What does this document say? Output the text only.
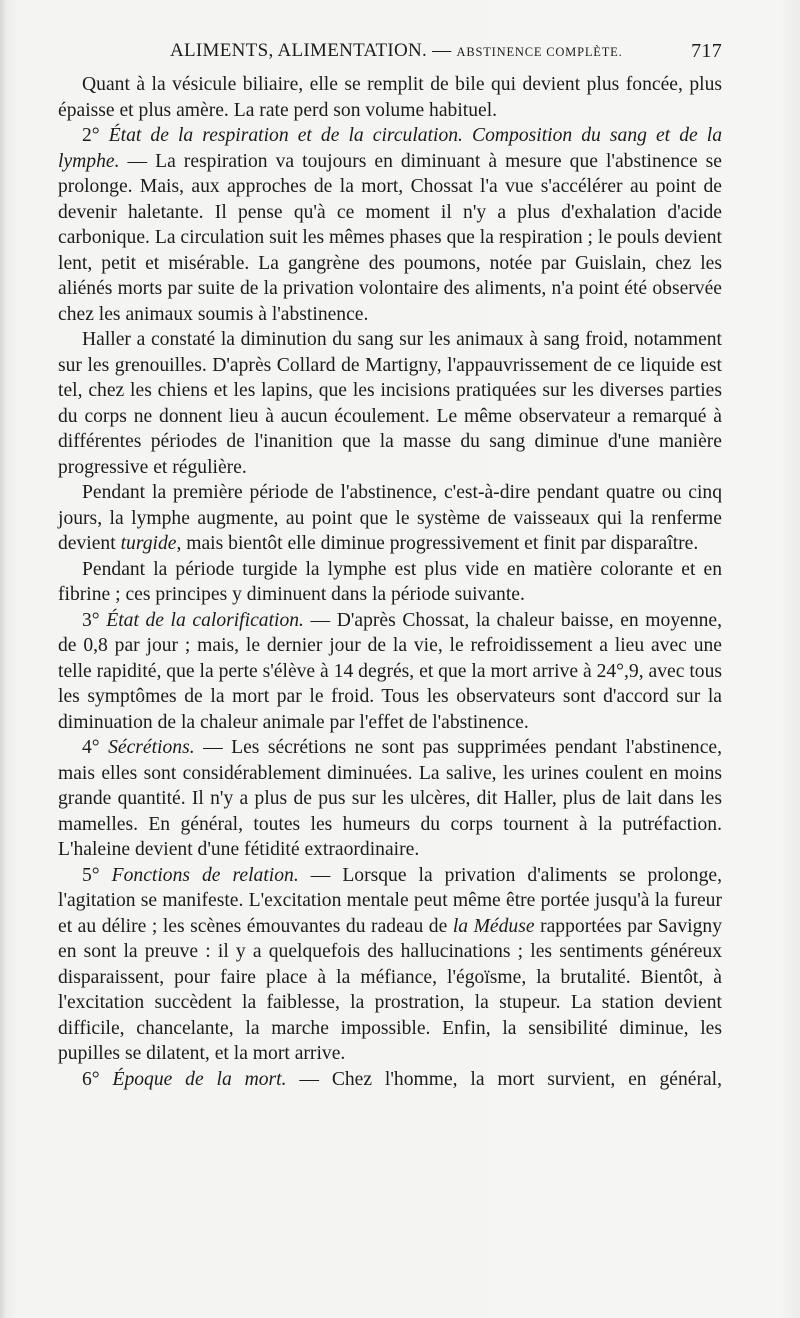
ALIMENTS, ALIMENTATION. — ABSTINENCE COMPLÈTE.	717

Quant à la vésicule biliaire, elle se remplit de bile qui devient plus foncée, plus épaisse et plus amère. La rate perd son volume habituel.

2° État de la respiration et de la circulation. Composition du sang et de la lymphe. — La respiration va toujours en diminuant à mesure que l'abstinence se prolonge. Mais, aux approches de la mort, Chossat l'a vue s'accélérer au point de devenir haletante. Il pense qu'à ce moment il n'y a plus d'exhalation d'acide carbonique. La circulation suit les mêmes phases que la respiration ; le pouls devient lent, petit et misérable. La gangrène des poumons, notée par Guislain, chez les aliénés morts par suite de la privation volontaire des aliments, n'a point été observée chez les animaux soumis à l'abstinence.

Haller a constaté la diminution du sang sur les animaux à sang froid, notamment sur les grenouilles. D'après Collard de Martigny, l'appauvrissement de ce liquide est tel, chez les chiens et les lapins, que les incisions pratiquées sur les diverses parties du corps ne donnent lieu à aucun écoulement. Le même observateur a remarqué à différentes périodes de l'inanition que la masse du sang diminue d'une manière progressive et régulière.

Pendant la première période de l'abstinence, c'est-à-dire pendant quatre ou cinq jours, la lymphe augmente, au point que le système de vaisseaux qui la renferme devient turgide, mais bientôt elle diminue progressivement et finit par disparaître.

Pendant la période turgide la lymphe est plus vide en matière colorante et en fibrine ; ces principes y diminuent dans la période suivante.

3° État de la calorification. — D'après Chossat, la chaleur baisse, en moyenne, de 0,8 par jour ; mais, le dernier jour de la vie, le refroidissement a lieu avec une telle rapidité, que la perte s'élève à 14 degrés, et que la mort arrive à 24°,9, avec tous les symptômes de la mort par le froid. Tous les observateurs sont d'accord sur la diminuation de la chaleur animale par l'effet de l'abstinence.

4° Sécrétions. — Les sécrétions ne sont pas supprimées pendant l'abstinence, mais elles sont considérablement diminuées. La salive, les urines coulent en moins grande quantité. Il n'y a plus de pus sur les ulcères, dit Haller, plus de lait dans les mamelles. En général, toutes les humeurs du corps tournent à la putréfaction. L'haleine devient d'une fétidité extraordinaire.

5° Fonctions de relation. — Lorsque la privation d'aliments se prolonge, l'agitation se manifeste. L'excitation mentale peut même être portée jusqu'à la fureur et au délire ; les scènes émouvantes du radeau de la Méduse rapportées par Savigny en sont la preuve : il y a quelquefois des hallucinations ; les sentiments généreux disparaissent, pour faire place à la méfiance, l'égoïsme, la brutalité. Bientôt, à l'excitation succèdent la faiblesse, la prostration, la stupeur. La station devient difficile, chancelante, la marche impossible. Enfin, la sensibilité diminue, les pupilles se dilatent, et la mort arrive.

6° Époque de la mort. — Chez l'homme, la mort survient, en général,
